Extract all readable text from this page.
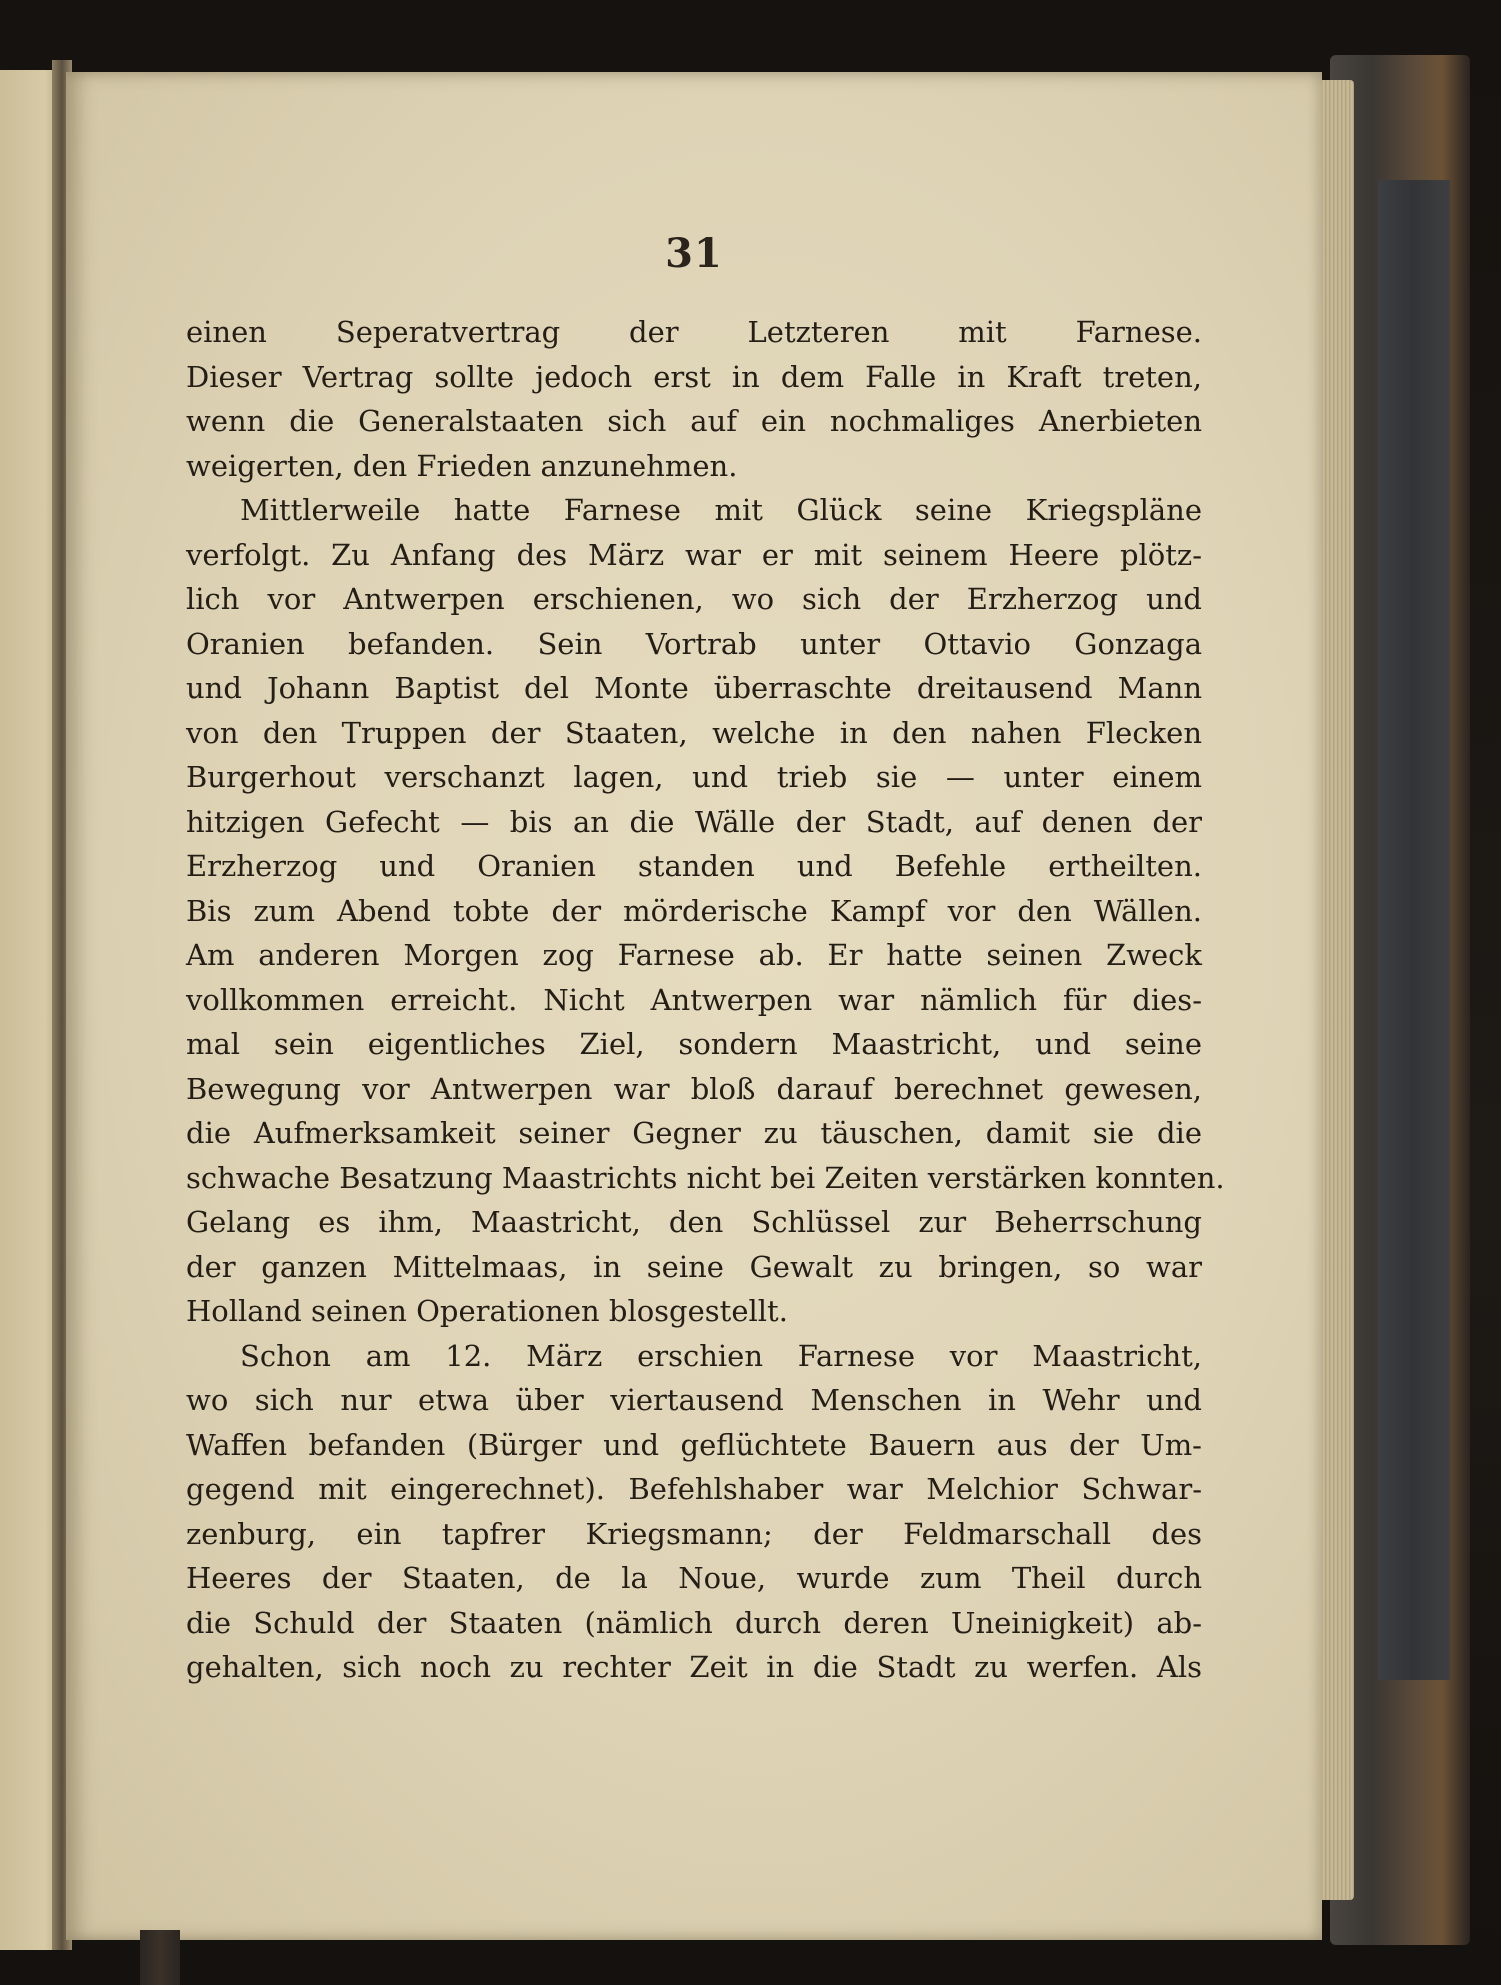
31
einen Seperatvertrag der Letzteren mit Farnese.
Dieser Vertrag sollte jedoch erst in dem Falle in Kraft treten,
wenn die Generalstaaten sich auf ein nochmaliges Anerbieten
weigerten, den Frieden anzunehmen.
Mittlerweile hatte Farnese mit Glück seine Kriegspläne
verfolgt. Zu Anfang des März war er mit seinem Heere plötz-
lich vor Antwerpen erschienen, wo sich der Erzherzog und
Oranien befanden. Sein Vortrab unter Ottavio Gonzaga
und Johann Baptist del Monte überraschte dreitausend Mann
von den Truppen der Staaten, welche in den nahen Flecken
Burgerhout verschanzt lagen, und trieb sie — unter einem
hitzigen Gefecht — bis an die Wälle der Stadt, auf denen der
Erzherzog und Oranien standen und Befehle ertheilten.
Bis zum Abend tobte der mörderische Kampf vor den Wällen.
Am anderen Morgen zog Farnese ab. Er hatte seinen Zweck
vollkommen erreicht. Nicht Antwerpen war nämlich für dies-
mal sein eigentliches Ziel, sondern Maastricht, und seine
Bewegung vor Antwerpen war bloß darauf berechnet gewesen,
die Aufmerksamkeit seiner Gegner zu täuschen, damit sie die
schwache Besatzung Maastrichts nicht bei Zeiten verstärken konnten.
Gelang es ihm, Maastricht, den Schlüssel zur Beherrschung
der ganzen Mittelmaas, in seine Gewalt zu bringen, so war
Holland seinen Operationen blosgestellt.
Schon am 12. März erschien Farnese vor Maastricht,
wo sich nur etwa über viertausend Menschen in Wehr und
Waffen befanden (Bürger und geflüchtete Bauern aus der Um-
gegend mit eingerechnet). Befehlshaber war Melchior Schwar-
zenburg, ein tapfrer Kriegsmann; der Feldmarschall des
Heeres der Staaten, de la Noue, wurde zum Theil durch
die Schuld der Staaten (nämlich durch deren Uneinigkeit) ab-
gehalten, sich noch zu rechter Zeit in die Stadt zu werfen. Als
